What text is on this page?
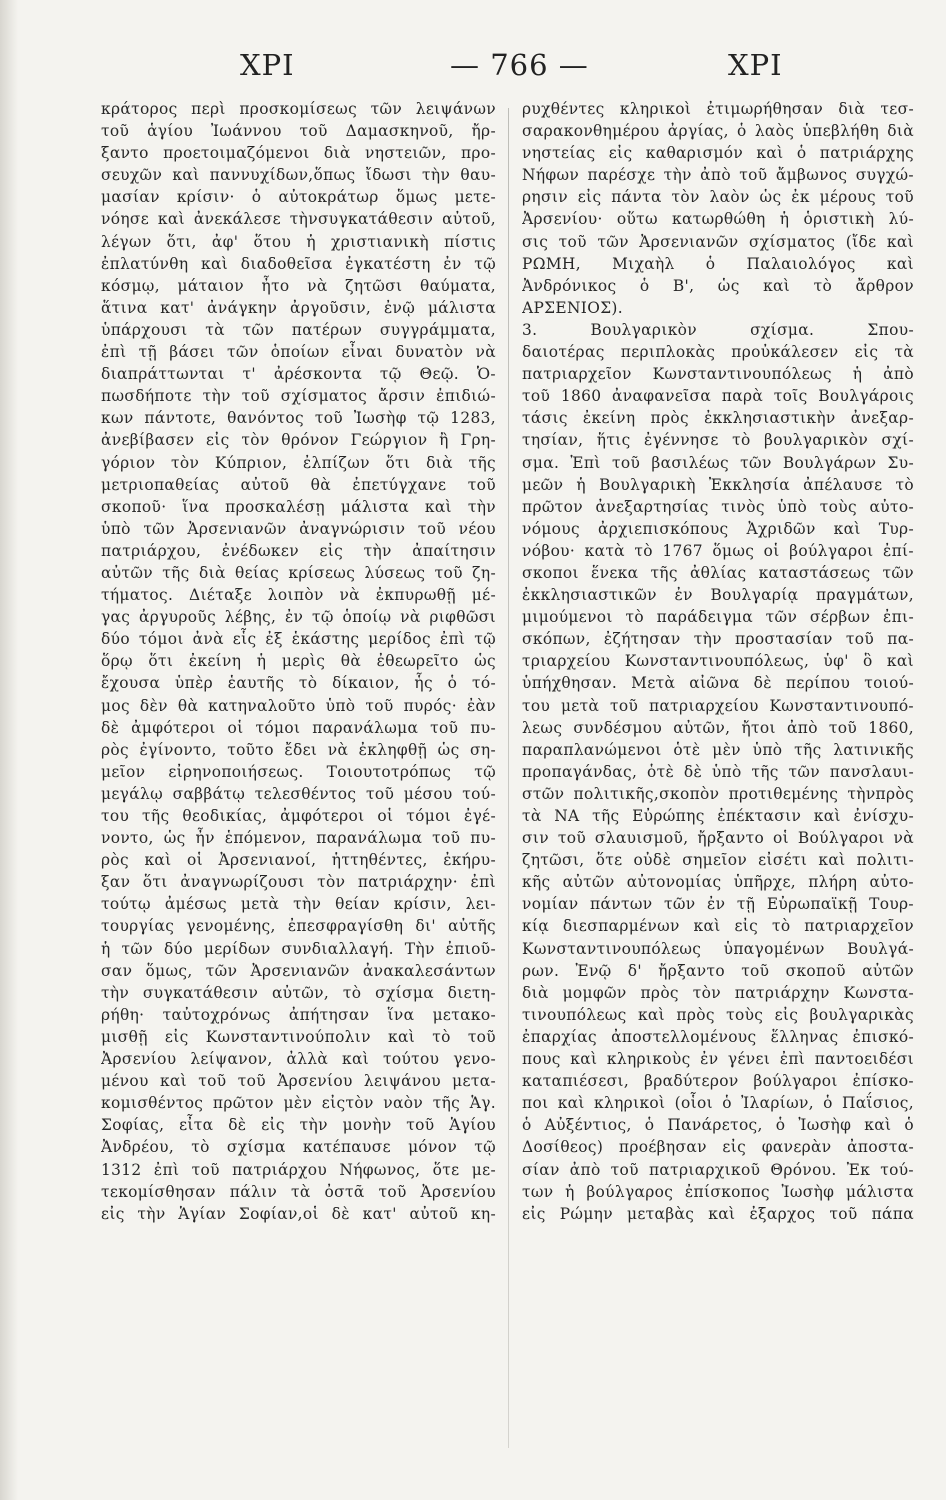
ΧΡΙ	— 766 —	ΧΡΙ
κράτορος περὶ προσκομίσεως τῶν λειψάνων
τοῦ ἁγίου Ἰωάννου τοῦ Δαμασκηνοῦ, ἤρ-
ξαντο προετοιμαζόμενοι διὰ νηστειῶν, προ-
σευχῶν καὶ παννυχίδων,ὅπως ἴδωσι τὴν θαυ-
μασίαν κρίσιν· ὁ αὐτοκράτωρ ὅμως μετε-
νόησε καὶ ἀνεκάλεσε τὴνσυγκατάθεσιν αὐτοῦ,
λέγων ὅτι, ἀφ' ὅτου ἡ χριστιανικὴ πίστις
ἐπλατύνθη καὶ διαδοθεῖσα ἐγκατέστη ἐν τῷ
κόσμῳ, μάταιον ἦτο νὰ ζητῶσι θαύματα,
ἅτινα κατ' ἀνάγκην ἀργοῦσιν, ἐνῷ μάλιστα
ὑπάρχουσι τὰ τῶν πατέρων συγγράμματα,
ἐπὶ τῇ βάσει τῶν ὁποίων εἶναι δυνατὸν νὰ
διαπράττωνται τ' ἀρέσκοντα τῷ Θεῷ. Ὁ-
πωσδήποτε τὴν τοῦ σχίσματος ἄρσιν ἐπιδιώ-
κων πάντοτε, θανόντος τοῦ Ἰωσὴφ τῷ 1283,
ἀνεβίβασεν εἰς τὸν θρόνον Γεώργιον ἢ Γρη-
γόριον τὸν Κύπριον, ἐλπίζων ὅτι διὰ τῆς
μετριοπαθείας αὐτοῦ θὰ ἐπετύγχανε τοῦ
σκοποῦ· ἵνα προσκαλέσῃ μάλιστα καὶ τὴν
ὑπὸ τῶν Ἀρσενιανῶν ἀναγνώρισιν τοῦ νέου
πατριάρχου, ἐνέδωκεν εἰς τὴν ἀπαίτησιν
αὐτῶν τῆς διὰ θείας κρίσεως λύσεως τοῦ ζη-
τήματος. Διέταξε λοιπὸν νὰ ἐκπυρωθῇ μέ-
γας ἀργυροῦς λέβης, ἐν τῷ ὁποίῳ νὰ ριφθῶσι
δύο τόμοι ἀνὰ εἷς ἐξ ἑκάστης μερίδος ἐπὶ τῷ
ὅρῳ ὅτι ἐκείνη ἡ μερὶς θὰ ἐθεωρεῖτο ὡς
ἔχουσα ὑπὲρ ἑαυτῆς τὸ δίκαιον, ἧς ὁ τό-
μος δὲν θὰ κατηναλοῦτο ὑπὸ τοῦ πυρός· ἐὰν
δὲ ἀμφότεροι οἱ τόμοι παρανάλωμα τοῦ πυ-
ρὸς ἐγίνοντο, τοῦτο ἔδει νὰ ἐκληφθῇ ὡς ση-
μεῖον εἰρηνοποιήσεως. Τοιουτοτρόπως τῷ
μεγάλῳ σαββάτῳ τελεσθέντος τοῦ μέσου τού-
του τῆς θεοδικίας, ἀμφότεροι οἱ τόμοι ἐγέ-
νοντο, ὡς ἦν ἑπόμενον, παρανάλωμα τοῦ πυ-
ρὸς καὶ οἱ Ἀρσενιανοί, ἡττηθέντες, ἐκήρυ-
ξαν ὅτι ἀναγνωρίζουσι τὸν πατριάρχην· ἐπὶ
τούτῳ ἀμέσως μετὰ τὴν θείαν κρίσιν, λει-
τουργίας γενομένης, ἐπεσφραγίσθη δι' αὐτῆς
ἡ τῶν δύο μερίδων συνδιαλλαγή. Τὴν ἐπιοῦ-
σαν ὅμως, τῶν Ἀρσενιανῶν ἀνακαλεσάντων
τὴν συγκατάθεσιν αὐτῶν, τὸ σχίσμα διετη-
ρήθη· ταὐτοχρόνως ἀπήτησαν ἵνα μετακο-
μισθῇ εἰς Κωνσταντινούπολιν καὶ τὸ τοῦ
Ἀρσενίου λείψανον, ἀλλὰ καὶ τούτου γενο-
μένου καὶ τοῦ τοῦ Ἀρσενίου λειψάνου μετα-
κομισθέντος πρῶτον μὲν εἰςτὸν ναὸν τῆς Ἁγ.
Σοφίας, εἶτα δὲ εἰς τὴν μονὴν τοῦ Ἁγίου
Ἀνδρέου, τὸ σχίσμα κατέπαυσε μόνον τῷ
1312 ἐπὶ τοῦ πατριάρχου Νήφωνος, ὅτε με-
τεκομίσθησαν πάλιν τὰ ὀστᾶ τοῦ Ἀρσενίου
εἰς τὴν Ἁγίαν Σοφίαν,οἱ δὲ κατ' αὐτοῦ κη-
ρυχθέντες κληρικοὶ ἐτιμωρήθησαν διὰ τεσ-
σαρακονθημέρου ἀργίας, ὁ λαὸς ὑπεβλήθη διὰ
νηστείας εἰς καθαρισμόν καὶ ὁ πατριάρχης
Νήφων παρέσχε τὴν ἀπὸ τοῦ ἄμβωνος συγχώ-
ρησιν εἰς πάντα τὸν λαὸν ὡς ἐκ μέρους τοῦ
Ἀρσενίου· οὕτω κατωρθώθη ἡ ὁριστικὴ λύ-
σις τοῦ τῶν Ἀρσενιανῶν σχίσματος (ἴδε καὶ
ΡΩΜΗ, Μιχαὴλ ὁ Παλαιολόγος καὶ
Ἀνδρόνικος ὁ Β', ὡς καὶ τὸ ἄρθρον
ΑΡΣΕΝΙΟΣ).
3. Βουλγαρικὸν σχίσμα. Σπου-
δαιοτέρας περιπλοκὰς προὐκάλεσεν εἰς τὰ
πατριαρχεῖον Κωνσταντινουπόλεως ἡ ἀπὸ
τοῦ 1860 ἀναφανεῖσα παρὰ τοῖς Βουλγάροις
τάσις ἐκείνη πρὸς ἐκκλησιαστικὴν ἀνεξαρ-
τησίαν, ἥτις ἐγέννησε τὸ βουλγαρικὸν σχί-
σμα. Ἐπὶ τοῦ βασιλέως τῶν Βουλγάρων Συ-
μεῶν ἡ Βουλγαρικὴ Ἐκκλησία ἀπέλαυσε τὸ
πρῶτον ἀνεξαρτησίας τινὸς ὑπὸ τοὺς αὐτο-
νόμους ἀρχιεπισκόπους Ἀχριδῶν καὶ Τυρ-
νόβου· κατὰ τὸ 1767 ὅμως οἱ βούλγαροι ἐπί-
σκοποι ἕνεκα τῆς ἀθλίας καταστάσεως τῶν
ἐκκλησιαστικῶν ἐν Βουλγαρίᾳ πραγμάτων,
μιμούμενοι τὸ παράδειγμα τῶν σέρβων ἐπι-
σκόπων, ἐζήτησαν τὴν προστασίαν τοῦ πα-
τριαρχείου Κωνσταντινουπόλεως, ὑφ' ὃ καὶ
ὑπήχθησαν. Μετὰ αἰῶνα δὲ περίπου τοιού-
του μετὰ τοῦ πατριαρχείου Κωνσταντινουπό-
λεως συνδέσμου αὐτῶν, ἤτοι ἀπὸ τοῦ 1860,
παραπλανώμενοι ὁτὲ μὲν ὑπὸ τῆς λατινικῆς
προπαγάνδας, ὁτὲ δὲ ὑπὸ τῆς τῶν πανσλαυι-
στῶν πολιτικῆς,σκοπὸν προτιθεμένης τὴνπρὸς
τὰ ΝΑ τῆς Εὐρώπης ἐπέκτασιν καὶ ἐνίσχυ-
σιν τοῦ σλαυισμοῦ, ἤρξαντο οἱ Βούλγαροι νὰ
ζητῶσι, ὅτε οὐδὲ σημεῖον εἰσέτι καὶ πολιτι-
κῆς αὐτῶν αὐτονομίας ὑπῆρχε, πλήρη αὐτο-
νομίαν πάντων τῶν ἐν τῇ Εὐρωπαϊκῇ Τουρ-
κίᾳ διεσπαρμένων καὶ εἰς τὸ πατριαρχεῖον
Κωνσταντινουπόλεως ὑπαγομένων Βουλγά-
ρων. Ἐνῷ δ' ἤρξαντο τοῦ σκοποῦ αὐτῶν
διὰ μομφῶν πρὸς τὸν πατριάρχην Κωνστα-
τινουπόλεως καὶ πρὸς τοὺς εἰς βουλγαρικὰς
ἐπαρχίας ἀποστελλομένους ἕλληνας ἐπισκό-
πους καὶ κληρικοὺς ἐν γένει ἐπὶ παντοειδέσι
καταπιέσεσι, βραδύτερον βούλγαροι ἐπίσκο-
ποι καὶ κληρικοὶ (οἷοι ὁ Ἰλαρίων, ὁ Παΐσιος,
ὁ Αὐξέντιος, ὁ Πανάρετος, ὁ Ἰωσὴφ καὶ ὁ
Δοσίθεος) προέβησαν εἰς φανερὰν ἀποστα-
σίαν ἀπὸ τοῦ πατριαρχικοῦ Θρόνου. Ἐκ τού-
των ἡ βούλγαρος ἐπίσκοπος Ἰωσὴφ μάλιστα
εἰς Ρώμην μεταβὰς καὶ ἐξαρχος τοῦ πάπα
